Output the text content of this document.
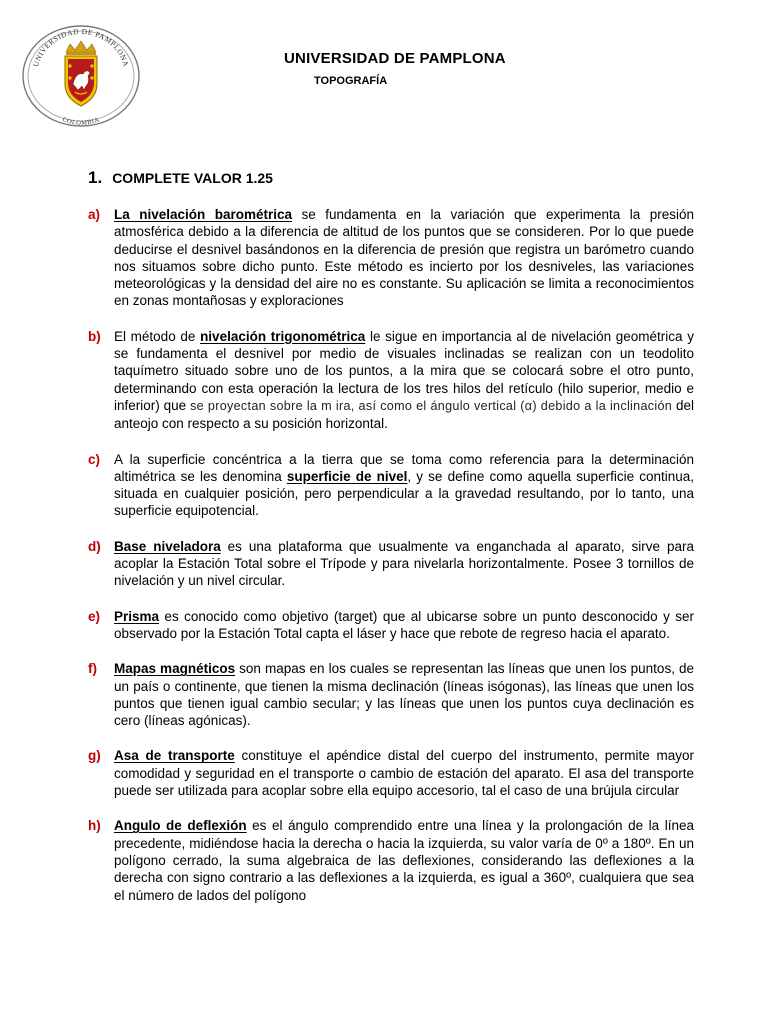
UNIVERSIDAD DE PAMPLONA
COLOMBIA
UNIVERSIDAD DE PAMPLONA
TOPOGRAFÍA
1. COMPLETE VALOR 1.25
a) La nivelación barométrica se fundamenta en la variación que experimenta la presión atmosférica debido a la diferencia de altitud de los puntos que se consideren. Por lo que puede deducirse el desnivel basándonos en la diferencia de presión que registra un barómetro cuando nos situamos sobre dicho punto. Este método es incierto por los desniveles, las variaciones meteorológicas y la densidad del aire no es constante. Su aplicación se limita a reconocimientos en zonas montañosas y exploraciones
b) El método de nivelación trigonométrica le sigue en importancia al de nivelación geométrica y se fundamenta el desnivel por medio de visuales inclinadas se realizan con un teodolito taquímetro situado sobre uno de los puntos, a la mira que se colocará sobre el otro punto, determinando con esta operación la lectura de los tres hilos del retículo (hilo superior, medio e inferior) que se proyectan sobre la m ira, así como el ángulo vertical (α) debido a la inclinación del anteojo con respecto a su posición horizontal.
c) A la superficie concéntrica a la tierra que se toma como referencia para la determinación altimétrica se les denomina superficie de nivel, y se define como aquella superficie continua, situada en cualquier posición, pero perpendicular a la gravedad resultando, por lo tanto, una superficie equipotencial.
d) Base niveladora es una plataforma que usualmente va enganchada al aparato, sirve para acoplar la Estación Total sobre el Trípode y para nivelarla horizontalmente. Posee 3 tornillos de nivelación y un nivel circular.
e) Prisma es conocido como objetivo (target) que al ubicarse sobre un punto desconocido y ser observado por la Estación Total capta el láser y hace que rebote de regreso hacia el aparato.
f) Mapas magnéticos son mapas en los cuales se representan las líneas que unen los puntos, de un país o continente, que tienen la misma declinación (líneas isógonas), las líneas que unen los puntos que tienen igual cambio secular; y las líneas que unen los puntos cuya declinación es cero (líneas agónicas).
g) Asa de transporte constituye el apéndice distal del cuerpo del instrumento, permite mayor comodidad y seguridad en el transporte o cambio de estación del aparato. El asa del transporte puede ser utilizada para acoplar sobre ella equipo accesorio, tal el caso de una brújula circular
h) Angulo de deflexión es el ángulo comprendido entre una línea y la prolongación de la línea precedente, midiéndose hacia la derecha o hacia la izquierda, su valor varía de 0º a 180º. En un polígono cerrado, la suma algebraica de las deflexiones, considerando las deflexiones a la derecha con signo contrario a las deflexiones a la izquierda, es igual a 360º, cualquiera que sea el número de lados del polígono
